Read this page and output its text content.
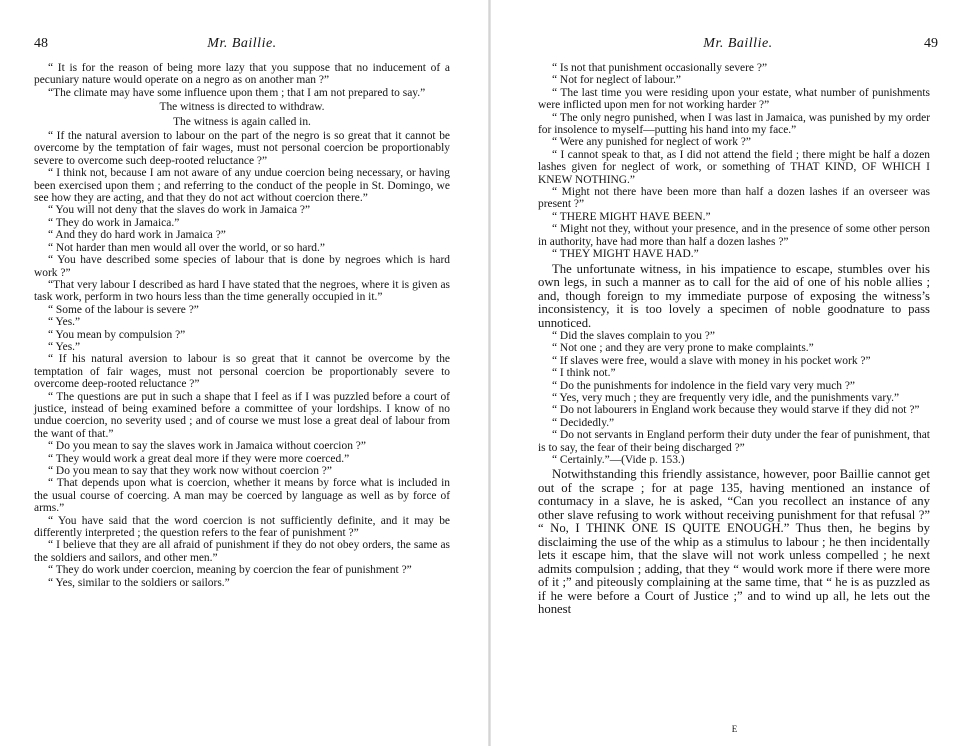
48	Mr. Baillie.

“ It is for the reason of being more lazy that you suppose that no inducement of a pecuniary nature would operate on a negro as on another man ?”

“The climate may have some influence upon them ; that I am not prepared to say.”

The witness is directed to withdraw.

The witness is again called in.

“ If the natural aversion to labour on the part of the negro is so great that it cannot be overcome by the temptation of fair wages, must not personal coercion be proportionably severe to overcome such deep-rooted reluctance ?”

“ I think not, because I am not aware of any undue coercion being necessary, or having been exercised upon them ; and referring to the conduct of the people in St. Domingo, we see how they are acting, and that they do not act without coercion there.”

“ You will not deny that the slaves do work in Jamaica ?”

“ They do work in Jamaica.”

“ And they do hard work in Jamaica ?”

“ Not harder than men would all over the world, or so hard.”

“ You have described some species of labour that is done by negroes which is hard work ?”

“That very labour I described as hard I have stated that the negroes, where it is given as task work, perform in two hours less than the time generally occupied in it.”

“ Some of the labour is severe ?”

“ Yes.”

“ You mean by compulsion ?”

“ Yes.”

“ If his natural aversion to labour is so great that it cannot be overcome by the temptation of fair wages, must not personal coercion be proportionably severe to overcome deep-rooted reluctance ?”

“ The questions are put in such a shape that I feel as if I was puzzled before a court of justice, instead of being examined before a committee of your lordships. I know of no undue coercion, no severity used ; and of course we must lose a great deal of labour from the want of that.”

“ Do you mean to say the slaves work in Jamaica without coercion ?”

“ They would work a great deal more if they were more coerced.”

“ Do you mean to say that they work now without coercion ?”

“ That depends upon what is coercion, whether it means by force what is included in the usual course of coercing. A man may be coerced by language as well as by force of arms.”

“ You have said that the word coercion is not sufficiently definite, and it may be differently interpreted ; the question refers to the fear of punishment ?”

“ I believe that they are all afraid of punishment if they do not obey orders, the same as the soldiers and sailors, and other men.”

“ They do work under coercion, meaning by coercion the fear of punishment ?”

“ Yes, similar to the soldiers or sailors.”

Mr. Baillie.	49

“ Is not that punishment occasionally severe ?”

“ Not for neglect of labour.”

“ The last time you were residing upon your estate, what number of punishments were inflicted upon men for not working harder ?”

“ The only negro punished, when I was last in Jamaica, was punished by my order for insolence to myself—putting his hand into my face.”

“ Were any punished for neglect of work ?”

“ I cannot speak to that, as I did not attend the field ; there might be half a dozen lashes given for neglect of work, or something of THAT KIND, OF WHICH I KNEW NOTHING.”

“ Might not there have been more than half a dozen lashes if an overseer was present ?”

“ THERE MIGHT HAVE BEEN.”

“ Might not they, without your presence, and in the presence of some other person in authority, have had more than half a dozen lashes ?”

“ THEY MIGHT HAVE HAD.”

The unfortunate witness, in his impatience to escape, stumbles over his own legs, in such a manner as to call for the aid of one of his noble allies ; and, though foreign to my immediate purpose of exposing the witness’s inconsistency, it is too lovely a specimen of noble goodnature to pass unnoticed.

“ Did the slaves complain to you ?”

“ Not one ; and they are very prone to make complaints.”

“ If slaves were free, would a slave with money in his pocket work ?”

“ I think not.”

“ Do the punishments for indolence in the field vary very much ?”

“ Yes, very much ; they are frequently very idle, and the punishments vary.”

“ Do not labourers in England work because they would starve if they did not ?”

“ Decidedly.”

“ Do not servants in England perform their duty under the fear of punishment, that is to say, the fear of their being discharged ?”

“ Certainly.”—(Vide p. 153.)

Notwithstanding this friendly assistance, however, poor Baillie cannot get out of the scrape ; for at page 135, having mentioned an instance of contumacy in a slave, he is asked, “Can you recollect an instance of any other slave refusing to work without receiving punishment for that refusal ?” “ No, I THINK ONE IS QUITE ENOUGH.” Thus then, he begins by disclaiming the use of the whip as a stimulus to labour ; he then incidentally lets it escape him, that the slave will not work unless compelled ; he next admits compulsion ; adding, that they “ would work more if there were more of it ;” and piteously complaining at the same time, that “ he is as puzzled as if he were before a Court of Justice ;” and to wind up all, he lets out the honest

E
